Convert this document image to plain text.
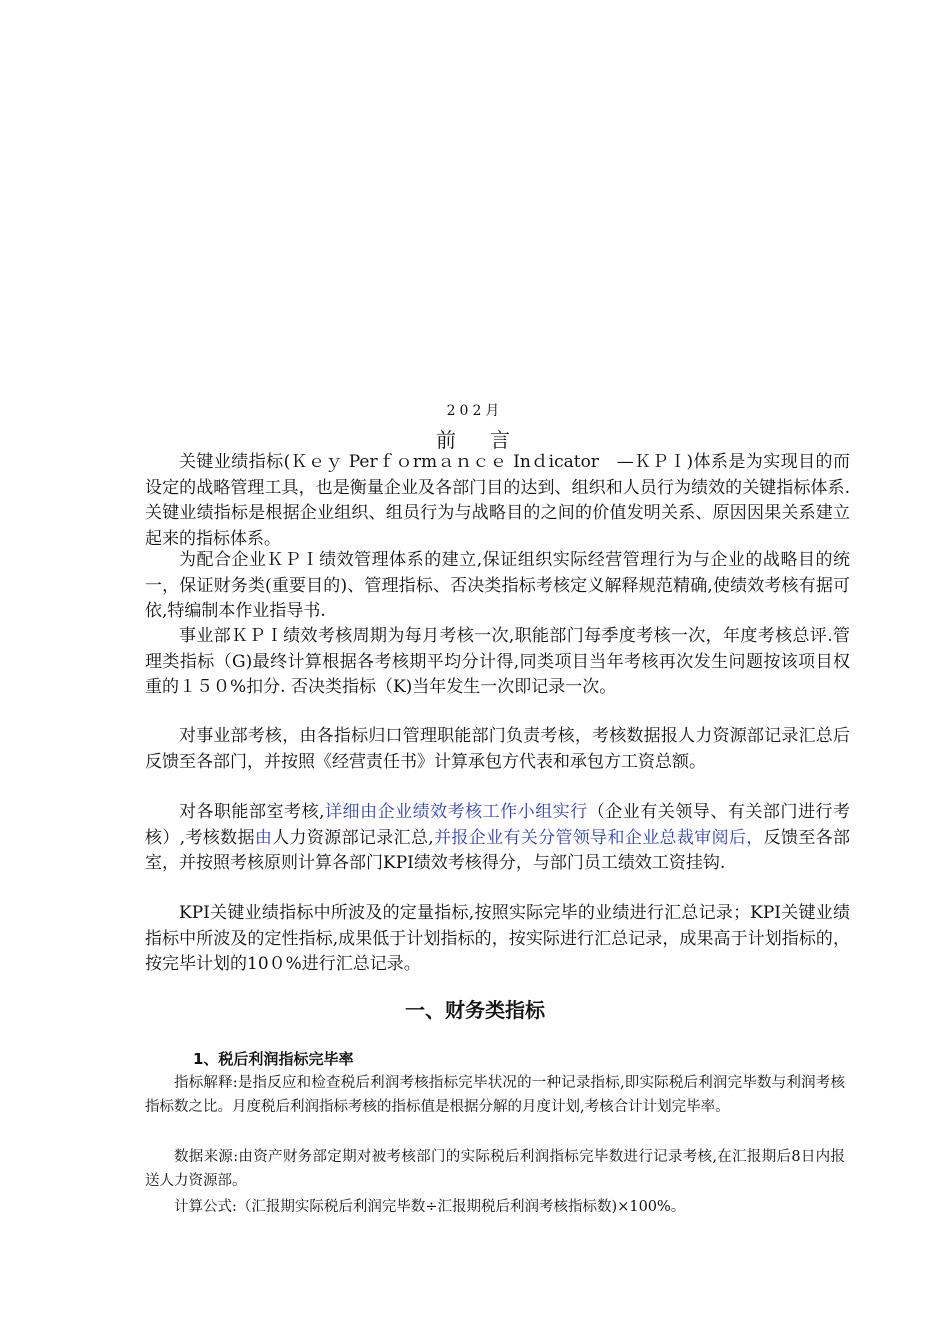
202月
前言

关键业绩指标(Ｋｅｙ Perｆｏrmａｎｃｅ Inｄicator　—ＫＰＩ)体系是为实现目的而设定的战略管理工具，也是衡量企业及各部门目的达到、组织和人员行为绩效的关键指标体系.关键业绩指标是根据企业组织、组员行为与战略目的之间的价值发明关系、原因因果关系建立起来的指标体系。

为配合企业ＫＰＩ绩效管理体系的建立,保证组织实际经营管理行为与企业的战略目的统一，保证财务类(重要目的)、管理指标、否决类指标考核定义解释规范精确,使绩效考核有据可依,特编制本作业指导书.

事业部ＫＰＩ绩效考核周期为每月考核一次,职能部门每季度考核一次，年度考核总评.管理类指标（G)最终计算根据各考核期平均分计得,同类项目当年考核再次发生问题按该项目权重的１５０%扣分. 否决类指标（K)当年发生一次即记录一次。

对事业部考核，由各指标归口管理职能部门负责考核，考核数据报人力资源部记录汇总后反馈至各部门，并按照《经营责任书》计算承包方代表和承包方工资总额。

对各职能部室考核,详细由企业绩效考核工作小组实行（企业有关领导、有关部门进行考核）,考核数据由人力资源部记录汇总,并报企业有关分管领导和企业总裁审阅后，反馈至各部室，并按照考核原则计算各部门KPI绩效考核得分，与部门员工绩效工资挂钩.

KPI关键业绩指标中所波及的定量指标,按照实际完毕的业绩进行汇总记录；KPI关键业绩指标中所波及的定性指标,成果低于计划指标的，按实际进行汇总记录，成果高于计划指标的，按完毕计划的10０%进行汇总记录。

一、财务类指标
1、税后利润指标完毕率

指标解释:是指反应和检查税后利润考核指标完毕状况的一种记录指标,即实际税后利润完毕数与利润考核指标数之比。月度税后利润指标考核的指标值是根据分解的月度计划,考核合计计划完毕率。

数据来源:由资产财务部定期对被考核部门的实际税后利润指标完毕数进行记录考核,在汇报期后8日内报送人力资源部。

计算公式:（汇报期实际税后利润完毕数÷汇报期税后利润考核指标数)×100%。
